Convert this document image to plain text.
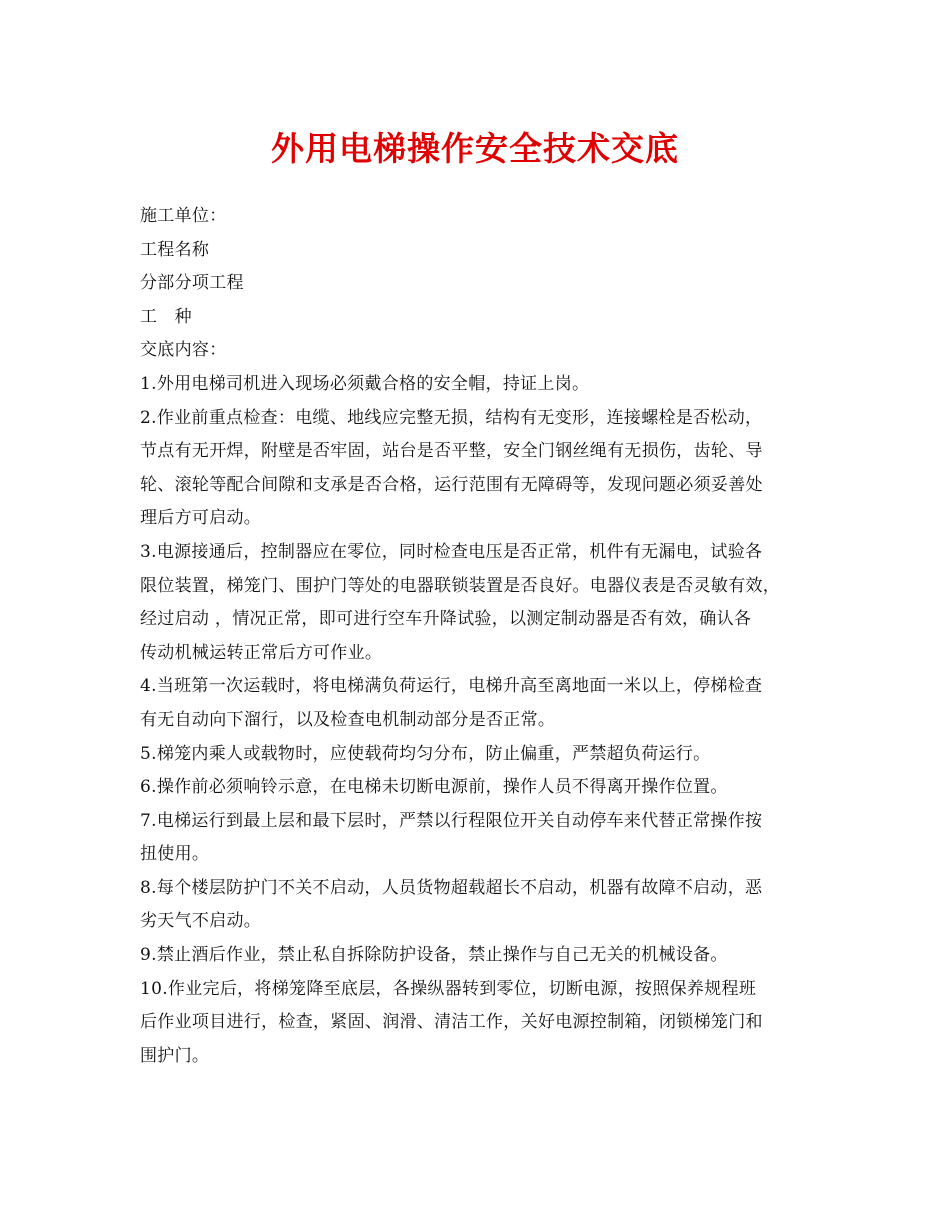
外用电梯操作安全技术交底
施工单位：
工程名称
分部分项工程
工　种
交底内容：
1.外用电梯司机进入现场必须戴合格的安全帽，持证上岗。
2.作业前重点检查：电缆、地线应完整无损，结构有无变形，连接螺栓是否松动，
节点有无开焊，附壁是否牢固，站台是否平整，安全门钢丝绳有无损伤，齿轮、导
轮、滚轮等配合间隙和支承是否合格，运行范围有无障碍等，发现问题必须妥善处
理后方可启动。
3.电源接通后，控制器应在零位，同时检查电压是否正常，机件有无漏电，试验各
限位装置，梯笼门、围护门等处的电器联锁装置是否良好。电器仪表是否灵敏有效，
经过启动 ，情况正常，即可进行空车升降试验，以测定制动器是否有效，确认各
传动机械运转正常后方可作业。
4.当班第一次运载时，将电梯满负荷运行，电梯升高至离地面一米以上，停梯检查
有无自动向下溜行，以及检查电机制动部分是否正常。
5.梯笼内乘人或载物时，应使载荷均匀分布，防止偏重，严禁超负荷运行。
6.操作前必须响铃示意，在电梯未切断电源前，操作人员不得离开操作位置。
7.电梯运行到最上层和最下层时，严禁以行程限位开关自动停车来代替正常操作按
扭使用。
8.每个楼层防护门不关不启动，人员货物超载超长不启动，机器有故障不启动，恶
劣天气不启动。
9.禁止酒后作业，禁止私自拆除防护设备，禁止操作与自己无关的机械设备。
10.作业完后，将梯笼降至底层，各操纵器转到零位，切断电源，按照保养规程班
后作业项目进行，检查，紧固、润滑、清洁工作，关好电源控制箱，闭锁梯笼门和
围护门。
